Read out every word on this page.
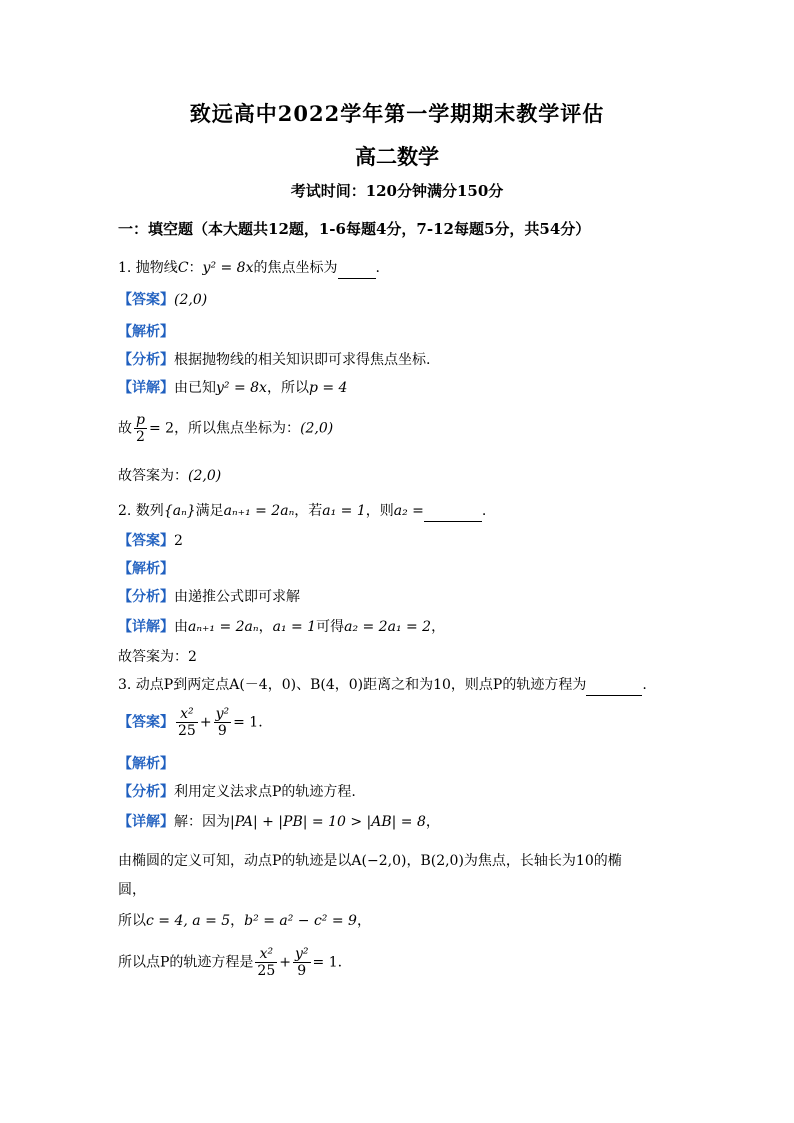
致远高中2022学年第一学期期末教学评估
高二数学
考试时间：120分钟满分150分
一：填空题（本大题共12题，1-6每题4分，7-12每题5分，共54分）
1. 抛物线C：y² = 8x的焦点坐标为	.
【答案】(2,0)
【解析】
【分析】根据抛物线的相关知识即可求得焦点坐标.
【详解】由已知y² = 8x，所以p = 4
故 $\frac{p}{2} = 2$，所以焦点坐标为：(2,0)
故答案为：(2,0)
2. 数列{aₙ}满足aₙ₊₁ = 2aₙ，若a₁ = 1，则a₂ =	.
【答案】2
【解析】
【分析】由递推公式即可求解
【详解】由aₙ₊₁ = 2aₙ，a₁ = 1可得a₂ = 2a₁ = 2，
故答案为：2
3. 动点P到两定点A(－4，0)、B(4，0)距离之和为10，则点P的轨迹方程为	.
【答案】 $\frac{\text{x²}}{25} + \frac{\text{y²}}{9} = 1$.
【解析】
【分析】利用定义法求点P的轨迹方程.
【详解】解：因为|PA| + |PB| = 10 > |AB| = 8，
由椭圆的定义可知，动点P的轨迹是以A(−2,0)，B(2,0)为焦点，长轴长为10的椭
圆，
所以c = 4, a = 5，b² = a² − c² = 9，
所以点P的轨迹方程是 $\frac{\text{x²}}{25} + \frac{\text{y²}}{9} = 1$.
